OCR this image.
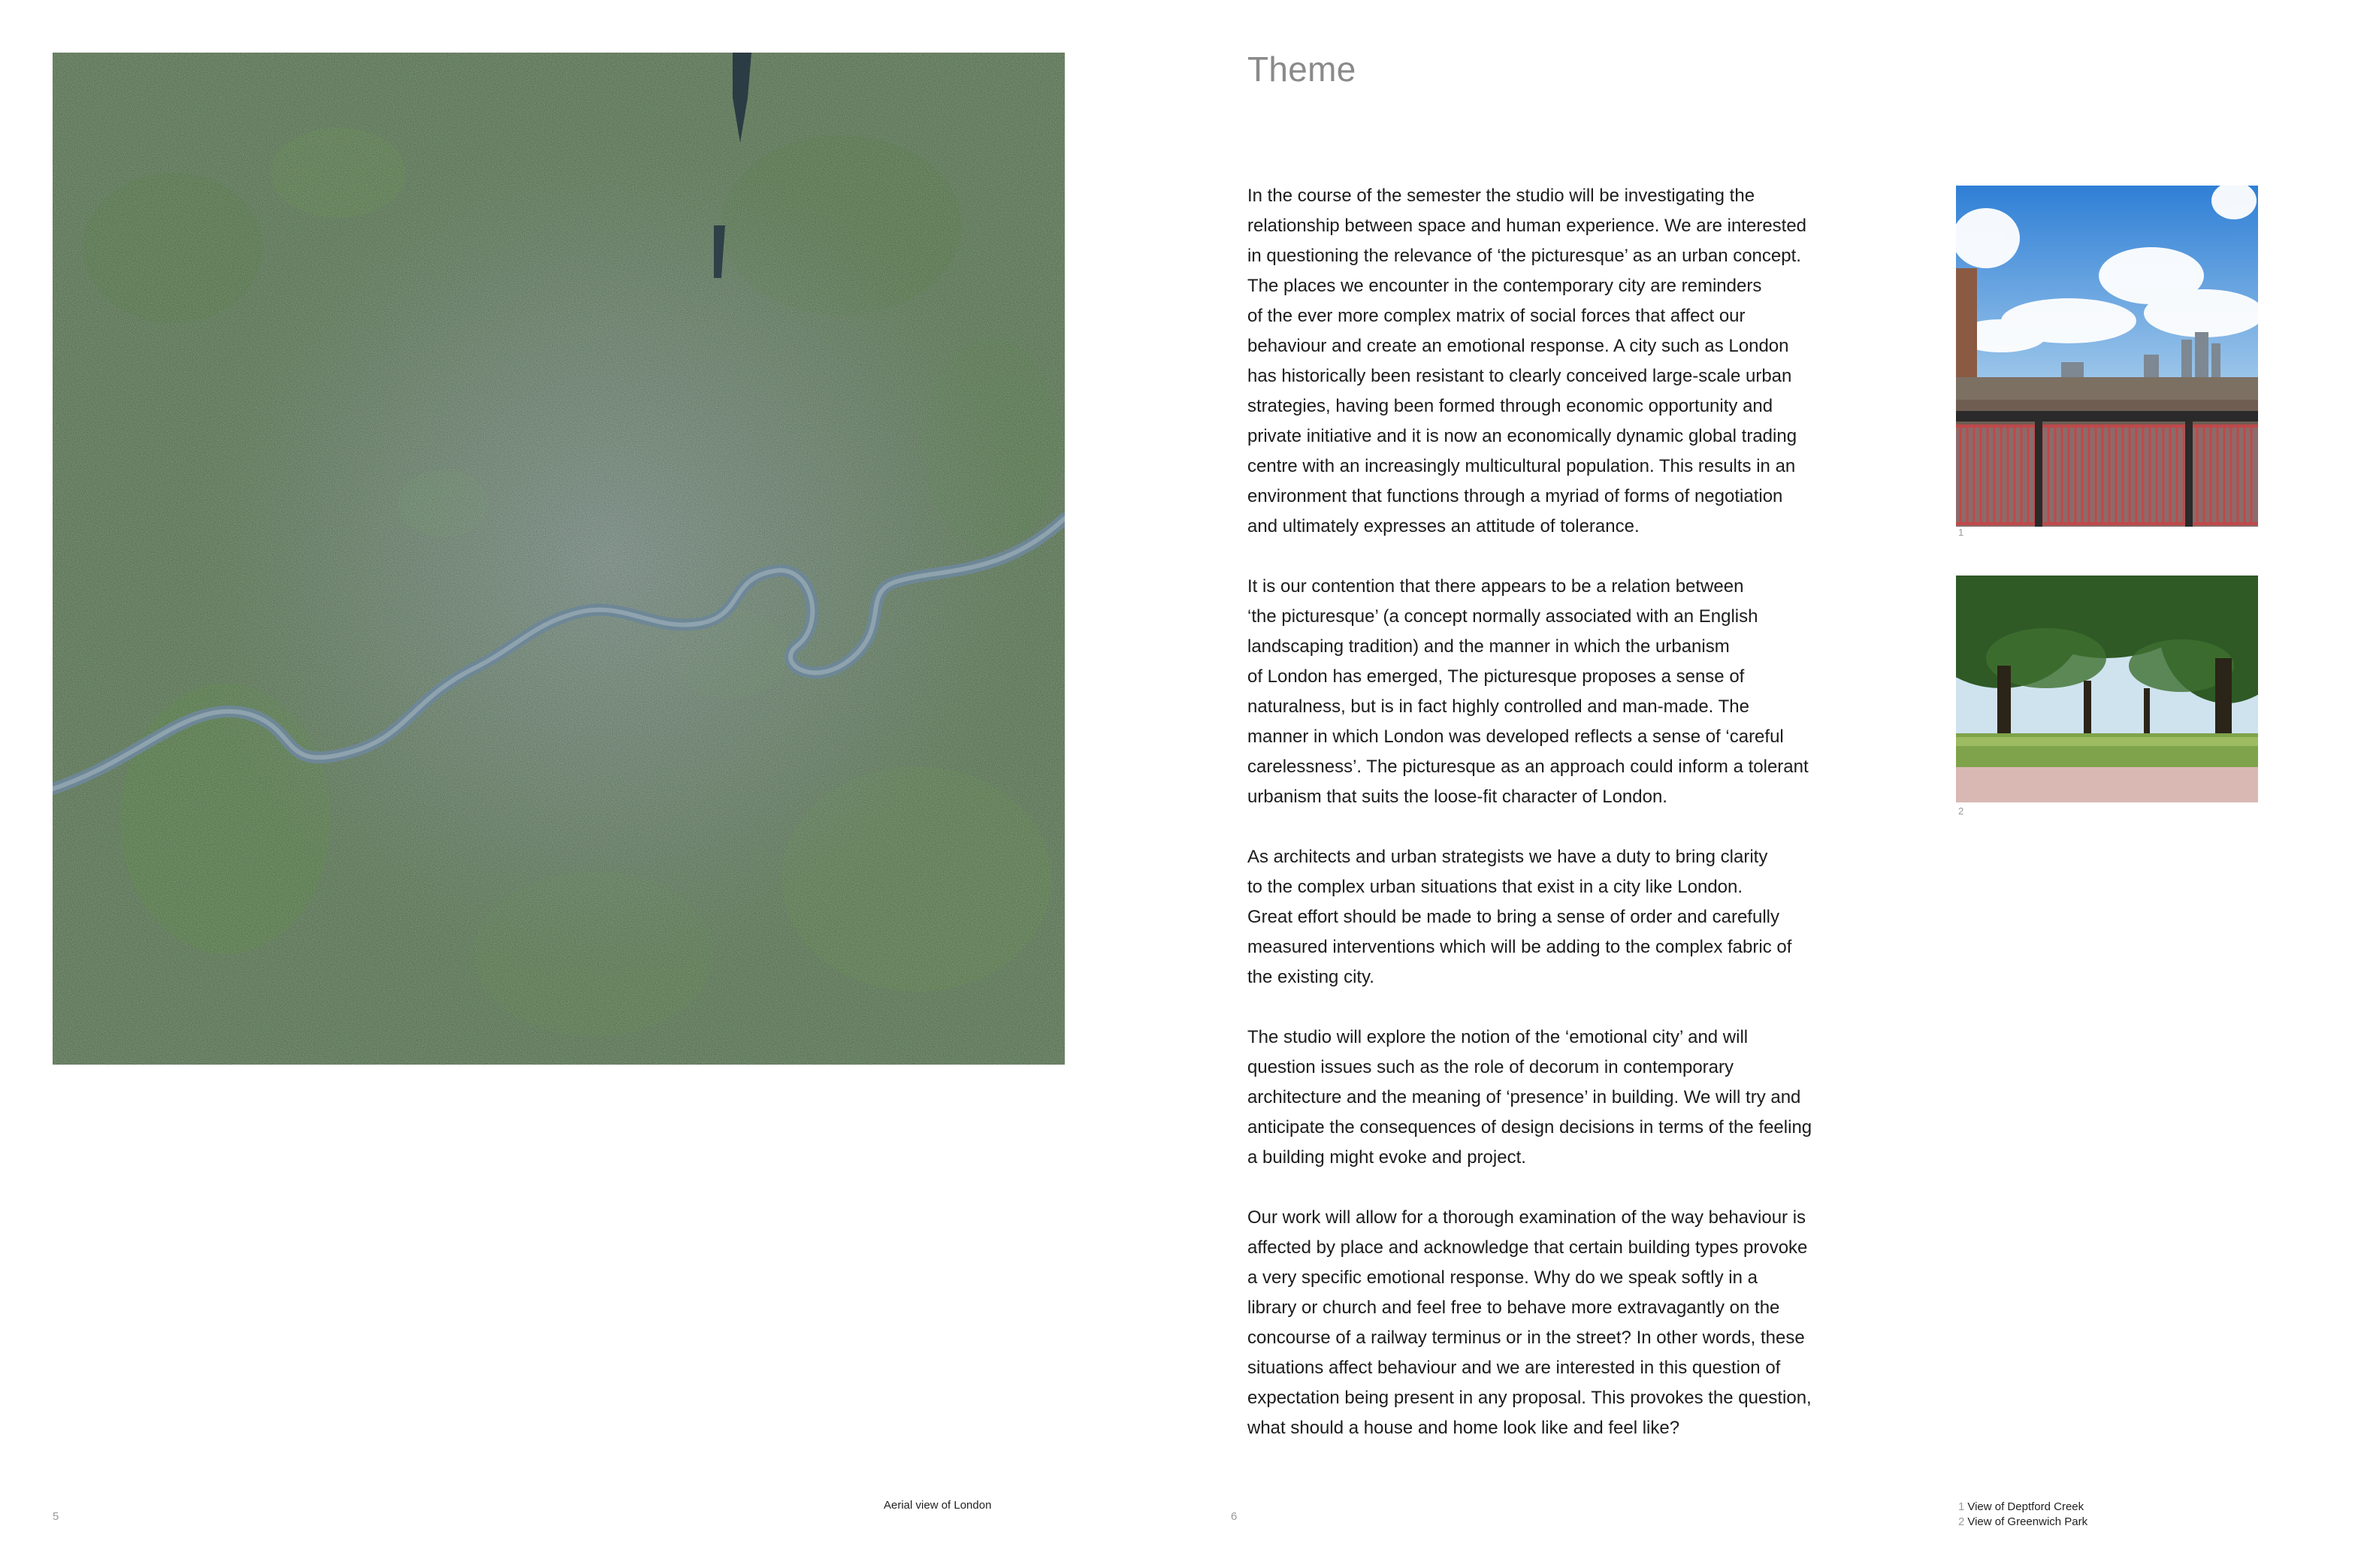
Aerial view of London
5
Theme

In the course of the semester the studio will be investigating the
relationship between space and human experience. We are interested
in questioning the relevance of ‘the picturesque’ as an urban concept.
The places we encounter in the contemporary city are reminders
of the ever more complex matrix of social forces that affect our
behaviour and create an emotional response. A city such as London
has historically been resistant to clearly conceived large-scale urban
strategies, having been formed through economic opportunity and
private initiative and it is now an economically dynamic global trading
centre with an increasingly multicultural population. This results in an
environment that functions through a myriad of forms of negotiation
and ultimately expresses an attitude of tolerance.

It is our contention that there appears to be a relation between
‘the picturesque’ (a concept normally associated with an English
landscaping tradition) and the manner in which the urbanism
of London has emerged, The picturesque proposes a sense of
naturalness, but is in fact highly controlled and man-made. The
manner in which London was developed reflects a sense of ‘careful
carelessness’. The picturesque as an approach could inform a tolerant
urbanism that suits the loose-fit character of London.

As architects and urban strategists we have a duty to bring clarity
to the complex urban situations that exist in a city like London.
Great effort should be made to bring a sense of order and carefully
measured interventions which will be adding to the complex fabric of
the existing city.

The studio will explore the notion of the ‘emotional city’ and will
question issues such as the role of decorum in contemporary
architecture and the meaning of ‘presence’ in building. We will try and
anticipate the consequences of design decisions in terms of the feeling
a building might evoke and project.

Our work will allow for a thorough examination of the way behaviour is
affected by place and acknowledge that certain building types provoke
a very specific emotional response. Why do we speak softly in a
library or church and feel free to behave more extravagantly on the
concourse of a railway terminus or in the street? In other words, these
situations affect behaviour and we are interested in this question of
expectation being present in any proposal. This provokes the question,
what should a house and home look like and feel like?

1
2
1 View of Deptford Creek
2 View of Greenwich Park
6
